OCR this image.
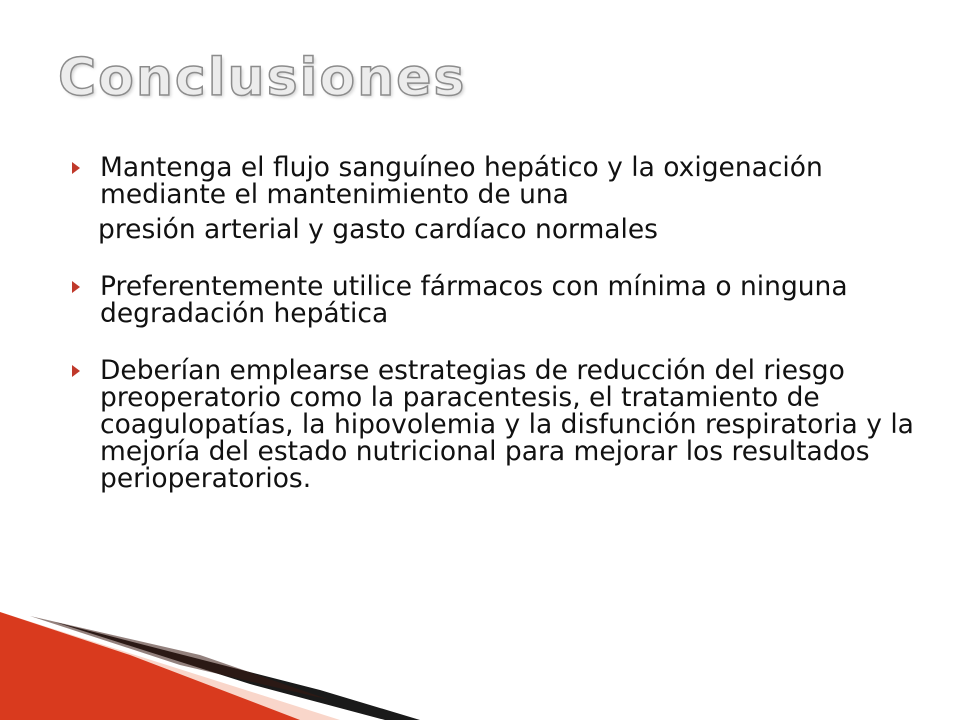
Conclusiones
Mantenga el flujo sanguíneo hepático y la oxigenación mediante el mantenimiento de una
presión arterial y gasto cardíaco normales
Preferentemente utilice fármacos con mínima o ninguna degradación hepática
Deberían emplearse estrategias de reducción del riesgo preoperatorio como la paracentesis, el tratamiento de coagulopatías, la hipovolemia y la disfunción respiratoria y la mejoría del estado nutricional para mejorar los resultados perioperatorios.
